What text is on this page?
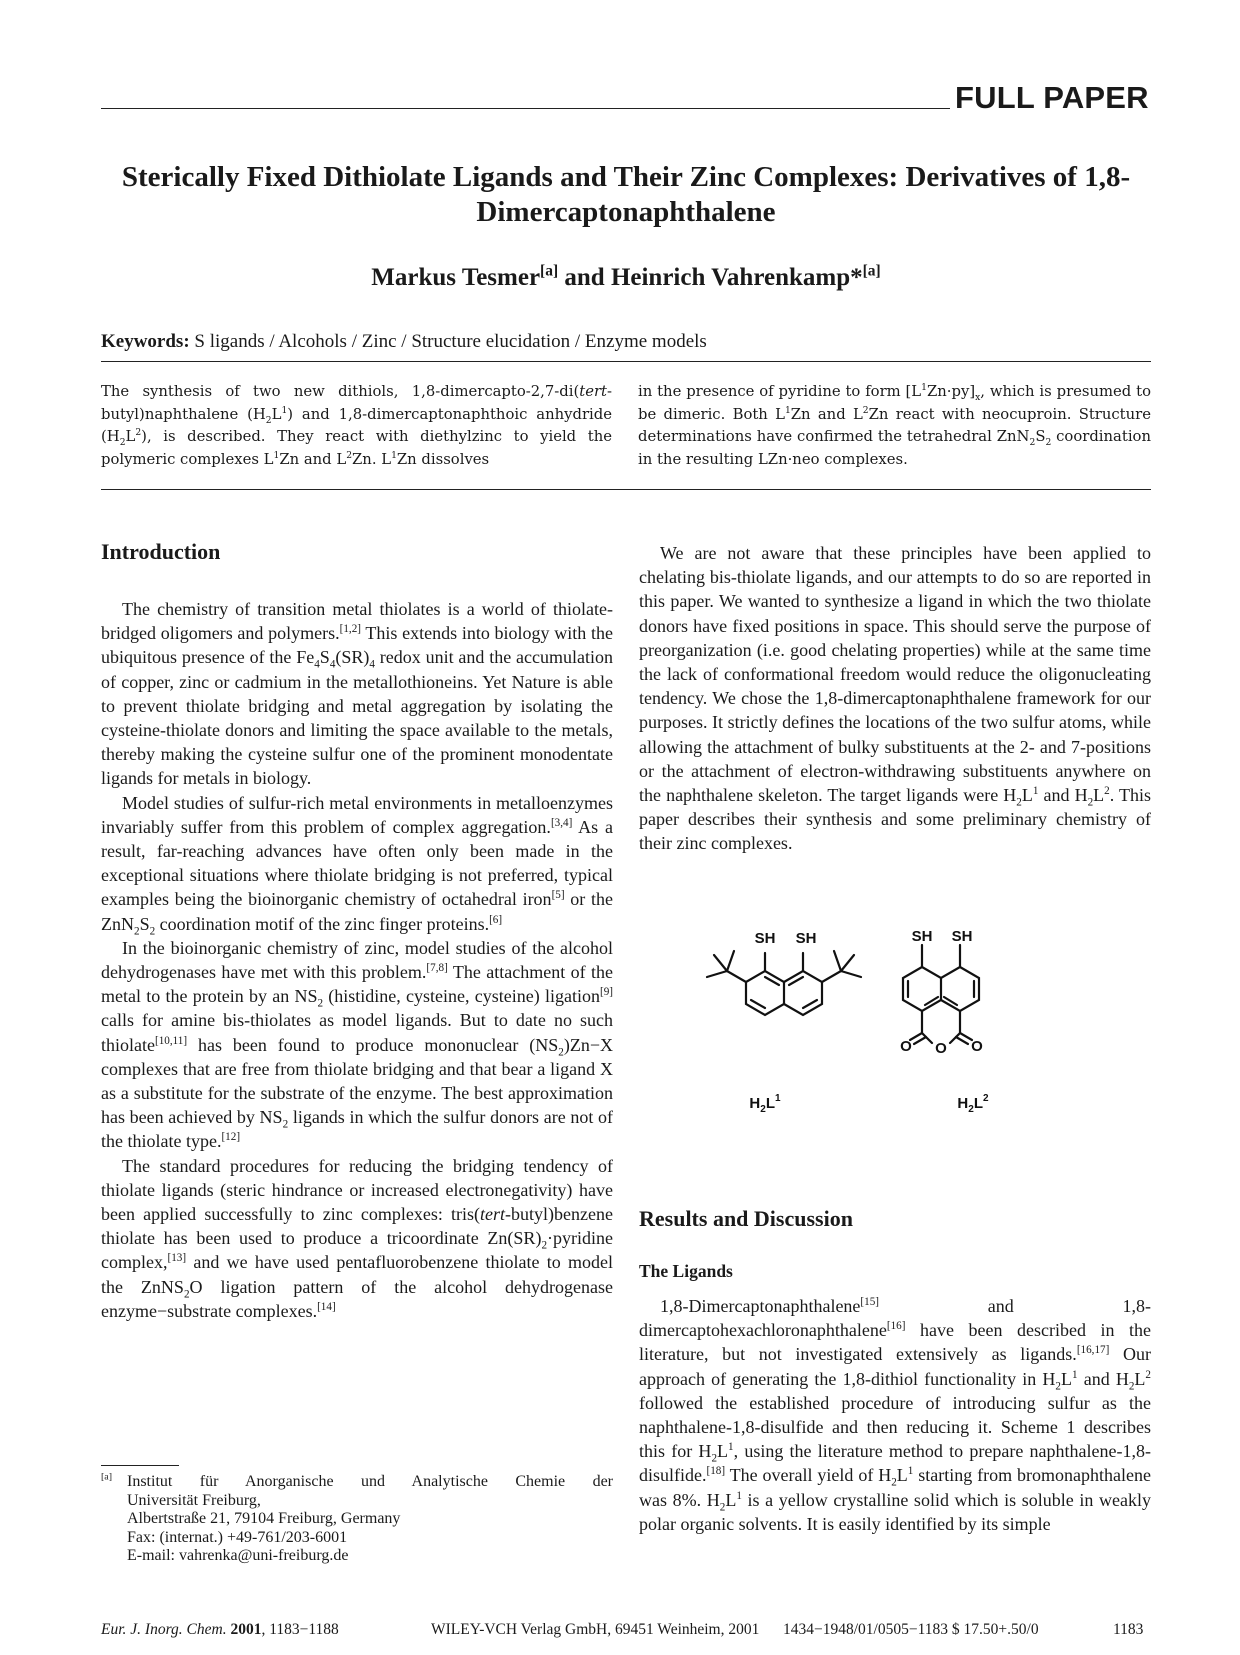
FULL PAPER
Sterically Fixed Dithiolate Ligands and Their Zinc Complexes: Derivatives of 1,8-Dimercaptonaphthalene
Markus Tesmer[a] and Heinrich Vahrenkamp*[a]
Keywords: S ligands / Alcohols / Zinc / Structure elucidation / Enzyme models
The synthesis of two new dithiols, 1,8-dimercapto-2,7-di(tert-butyl)naphthalene $(H_2L^1)$ and 1,8-dimercaptonaphthoic anhydride $(H_2L^2)$, is described. They react with diethylzinc to yield the polymeric complexes $L^1Zn$ and $L^2Zn$. $L^1Zn$ dissolves
in the presence of pyridine to form $[L^1Zn\cdot py]_x$, which is presumed to be dimeric. Both $L^1Zn$ and $L^2Zn$ react with neocuproin. Structure determinations have confirmed the tetrahedral $ZnN_2S_2$ coordination in the resulting LZn·neo complexes.
Introduction

The chemistry of transition metal thiolates is a world of thiolate-bridged oligomers and polymers.[1,2] This extends into biology with the ubiquitous presence of the $Fe_4S_4(SR)_4$ redox unit and the accumulation of copper, zinc or cadmium in the metallothioneins. Yet Nature is able to prevent thiolate bridging and metal aggregation by isolating the cysteine-thiolate donors and limiting the space available to the metals, thereby making the cysteine sulfur one of the prominent monodentate ligands for metals in biology.

Model studies of sulfur-rich metal environments in metalloenzymes invariably suffer from this problem of complex aggregation.[3,4] As a result, far-reaching advances have often only been made in the exceptional situations where thiolate bridging is not preferred, typical examples being the bioinorganic chemistry of octahedral iron[5] or the $ZnN_2S_2$ coordination motif of the zinc finger proteins.[6]

In the bioinorganic chemistry of zinc, model studies of the alcohol dehydrogenases have met with this problem.[7,8] The attachment of the metal to the protein by an $NS_2$ (histidine, cysteine, cysteine) ligation[9] calls for amine bis-thiolates as model ligands. But to date no such thiolate[10,11] has been found to produce mononuclear $(NS_2)Zn-X$ complexes that are free from thiolate bridging and that bear a ligand X as a substitute for the substrate of the enzyme. The best approximation has been achieved by $NS_2$ ligands in which the sulfur donors are not of the thiolate type.[12]

The standard procedures for reducing the bridging tendency of thiolate ligands (steric hindrance or increased electronegativity) have been applied successfully to zinc complexes: tris(tert-butyl)benzene thiolate has been used to produce a tricoordinate $Zn(SR)_2\cdot pyridine$ complex,[13] and we have used pentafluorobenzene thiolate to model the ZnNS$_2$O ligation pattern of the alcohol dehydrogenase enzyme−substrate complexes.[14]

We are not aware that these principles have been applied to chelating bis-thiolate ligands, and our attempts to do so are reported in this paper. We wanted to synthesize a ligand in which the two thiolate donors have fixed positions in space. This should serve the purpose of preorganization (i.e. good chelating properties) while at the same time the lack of conformational freedom would reduce the oligonucleating tendency. We chose the 1,8-dimercaptonaphthalene framework for our purposes. It strictly defines the locations of the two sulfur atoms, while allowing the attachment of bulky substituents at the 2- and 7-positions or the attachment of electron-withdrawing substituents anywhere on the naphthalene skeleton. The target ligands were $H_2L^1$ and $H_2L^2$. This paper describes their synthesis and some preliminary chemistry of their zinc complexes.

SH SH	SH SH
O
O	O
$H_2L^1$	$H_2L^2$
Results and Discussion
The Ligands

1,8-Dimercaptonaphthalene[15] and 1,8-dimercaptohexachloronaphthalene[16] have been described in the literature, but not investigated extensively as ligands.[16,17] Our approach of generating the 1,8-dithiol functionality in $H_2L^1$ and $H_2L^2$ followed the established procedure of introducing sulfur as the naphthalene-1,8-disulfide and then reducing it. Scheme 1 describes this for $H_2L^1$, using the literature method to prepare naphthalene-1,8-disulfide.[18] The overall yield of $H_2L^1$ starting from bromonaphthalene was 8%. $H_2L^1$ is a yellow crystalline solid which is soluble in weakly polar organic solvents. It is easily identified by its simple

[a] Institut für Anorganische und Analytische Chemie der
Universität Freiburg,
Albertstraße 21, 79104 Freiburg, Germany
Fax: (internat.) +49-761/203-6001
E-mail: vahrenka@uni-freiburg.de
Eur. J. Inorg. Chem. 2001, 1183−1188	WILEY-VCH Verlag GmbH, 69451 Weinheim, 2001 1434−1948/01/0505−1183 $ 17.50+.50/0	1183
